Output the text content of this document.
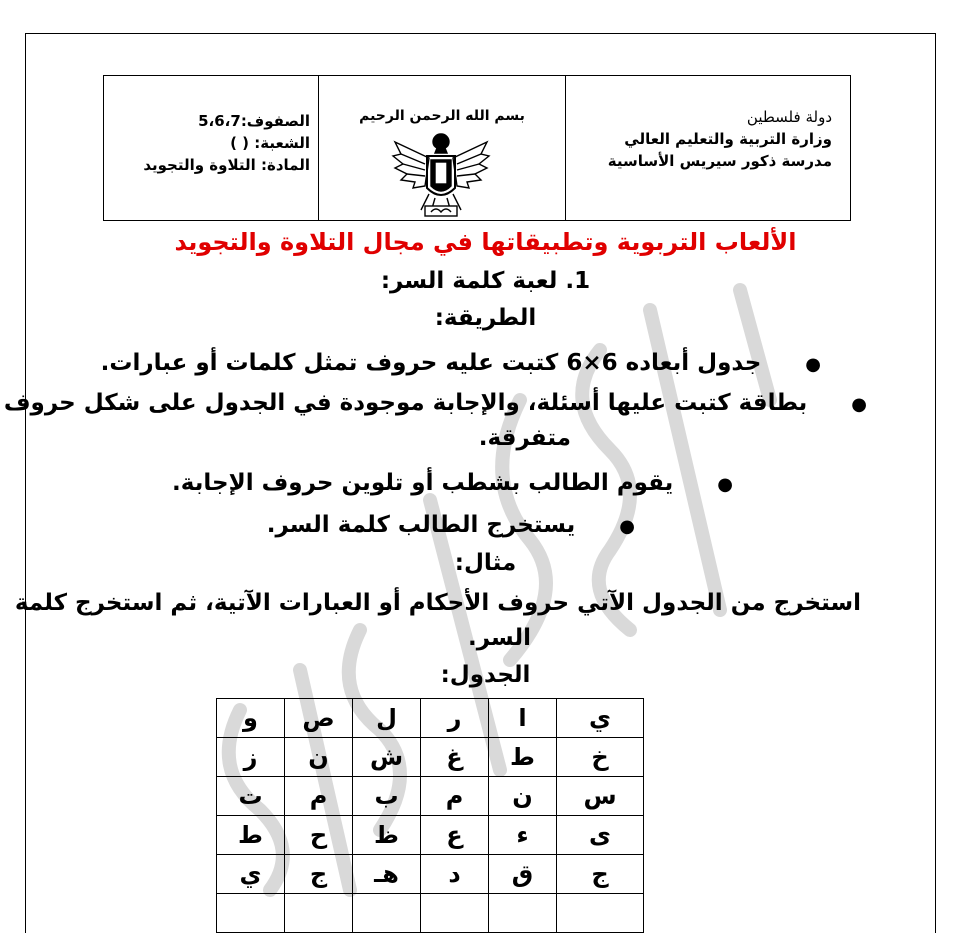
الصفوف:5،6،7
الشعبة: ( )
المادة: التلاوة والتجويد
بسم الله الرحمن الرحيم	دولة فلسطين
وزارة التربية والتعليم العالي
مدرسة ذكور سيريس الأساسية
الألعاب التربوية وتطبيقاتها في مجال التلاوة والتجويد
1. لعبة كلمة السر:
الطريقة:
●جدول أبعاده 6×6 كتبت عليه حروف تمثل كلمات أو عبارات.
●بطاقة كتبت عليها أسئلة، والإجابة موجودة في الجدول على شكل حروف
متفرقة.
●يقوم الطالب بشطب أو تلوين حروف الإجابة.
●يستخرج الطالب كلمة السر.
مثال:
استخرج من الجدول الآتي حروف الأحكام أو العبارات الآتية، ثم استخرج كلمة
السر.
الجدول:
ي	ا	ر	ل	ص	و
خ	ط	غ	ش	ن	ز
س	ن	م	ب	م	ت
ى	ء	ع	ظ	ح	ط
ج	ق	د	هـ	ج	ي
